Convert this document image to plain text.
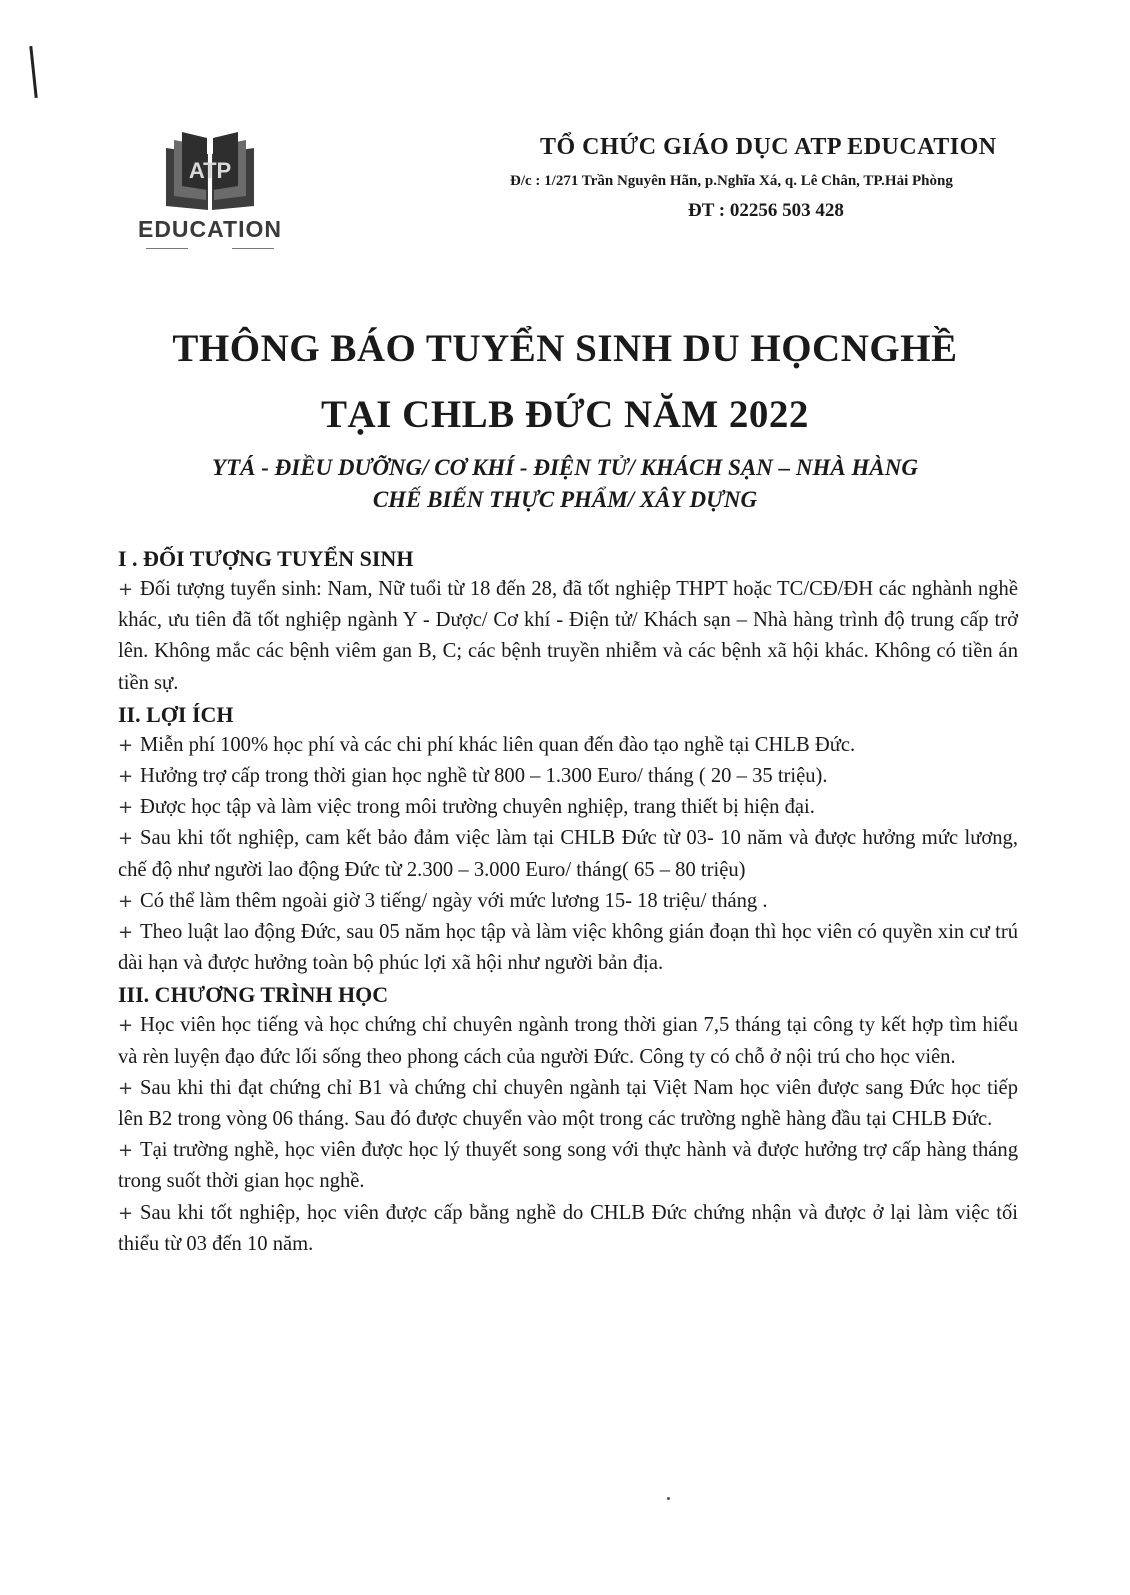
ATP
EDUCATION
TỔ CHỨC GIÁO DỤC ATP EDUCATION
Đ/c : 1/271 Trần Nguyên Hãn, p.Nghĩa Xá, q. Lê Chân, TP.Hải Phòng
ĐT : 02256 503 428
THÔNG BÁO TUYỂN SINH DU HỌCNGHỀ
TẠI CHLB ĐỨC NĂM 2022
YTÁ - ĐIỀU DƯỠNG/ CƠ KHÍ - ĐIỆN TỬ/ KHÁCH SẠN – NHÀ HÀNG
CHẾ BIẾN THỰC PHẨM/ XÂY DỰNG
I . ĐỐI TƯỢNG TUYỂN SINH
+ Đối tượng tuyển sinh: Nam, Nữ tuổi từ 18 đến 28, đã tốt nghiệp THPT hoặc TC/CĐ/ĐH các nghành nghề khác, ưu tiên đã tốt nghiệp ngành Y - Dược/ Cơ khí - Điện tử/ Khách sạn – Nhà hàng trình độ trung cấp trở lên. Không mắc các bệnh viêm gan B, C; các bệnh truyền nhiễm và các bệnh xã hội khác. Không có tiền án tiền sự.
II. LỢI ÍCH
+ Miễn phí 100% học phí và các chi phí khác liên quan đến đào tạo nghề tại CHLB Đức.
+ Hưởng trợ cấp trong thời gian học nghề từ 800 – 1.300 Euro/ tháng ( 20 – 35 triệu).
+ Được học tập và làm việc trong môi trường chuyên nghiệp, trang thiết bị hiện đại.
+ Sau khi tốt nghiệp, cam kết bảo đảm việc làm tại CHLB Đức từ 03- 10 năm và được hưởng mức lương, chế độ như người lao động Đức từ 2.300 – 3.000 Euro/ tháng( 65 – 80 triệu)
+ Có thể làm thêm ngoài giờ 3 tiếng/ ngày với mức lương 15- 18 triệu/ tháng .
+ Theo luật lao động Đức, sau 05 năm học tập và làm việc không gián đoạn thì học viên có quyền xin cư trú dài hạn và được hưởng toàn bộ phúc lợi xã hội như người bản địa.
III. CHƯƠNG TRÌNH HỌC
+ Học viên học tiếng và học chứng chỉ chuyên ngành trong thời gian 7,5 tháng tại công ty kết hợp tìm hiểu và rèn luyện đạo đức lối sống theo phong cách của người Đức. Công ty có chỗ ở nội trú cho học viên.
+ Sau khi thi đạt chứng chỉ B1 và chứng chỉ chuyên ngành tại Việt Nam học viên được sang Đức học tiếp lên B2 trong vòng 06 tháng. Sau đó được chuyển vào một trong các trường nghề hàng đầu tại CHLB Đức.
+ Tại trường nghề, học viên được học lý thuyết song song với thực hành và được hưởng trợ cấp hàng tháng trong suốt thời gian học nghề.
+ Sau khi tốt nghiệp, học viên được cấp bằng nghề do CHLB Đức chứng nhận và được ở lại làm việc tối thiểu từ 03 đến 10 năm.
